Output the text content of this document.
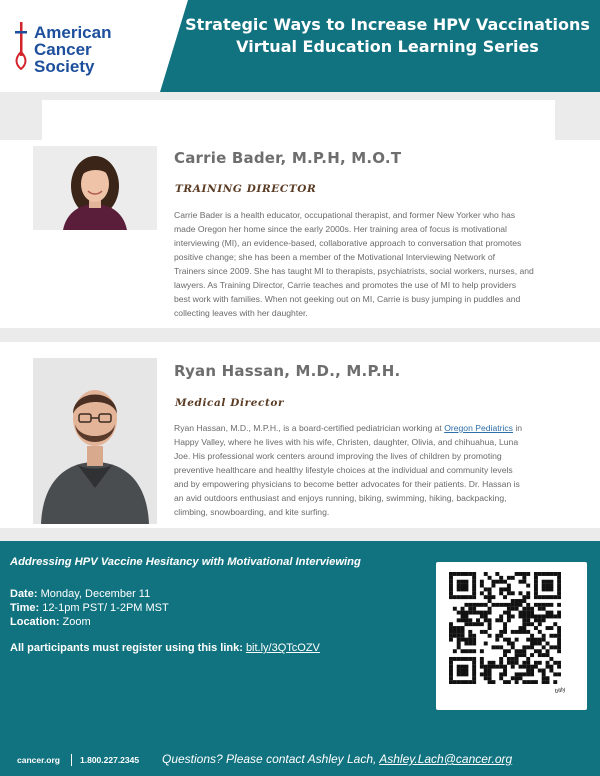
American
Cancer
Society
Strategic Ways to Increase HPV Vaccinations
Virtual Education Learning Series
Carrie Bader, M.P.H, M.O.T
TRAINING DIRECTOR
Carrie Bader is a health educator, occupational therapist, and former New Yorker who has
made Oregon her home since the early 2000s. Her training area of focus is motivational
interviewing (MI), an evidence-based, collaborative approach to conversation that promotes
positive change; she has been a member of the Motivational Interviewing Network of
Trainers since 2009. She has taught MI to therapists, psychiatrists, social workers, nurses, and
lawyers. As Training Director, Carrie teaches and promotes the use of MI to help providers
best work with families. When not geeking out on MI, Carrie is busy jumping in puddles and
collecting leaves with her daughter.
Ryan Hassan, M.D., M.P.H.
Medical Director
Ryan Hassan, M.D., M.P.H., is a board-certified pediatrician working at Oregon Pediatrics in
Happy Valley, where he lives with his wife, Christen, daughter, Olivia, and chihuahua, Luna
Joe. His professional work centers around improving the lives of children by promoting
preventive healthcare and healthy lifestyle choices at the individual and community levels
and by empowering physicians to become better advocates for their patients. Dr. Hassan is
an avid outdoors enthusiast and enjoys running, biking, swimming, hiking, backpacking,
climbing, snowboarding, and kite surfing.
Addressing HPV Vaccine Hesitancy with Motivational Interviewing
Date: Monday, December 11
Time: 12-1pm PST/ 1-2PM MST
Location: Zoom
All participants must register using this link: bit.ly/3QTcOZV
bitly
cancer.org 1.800.227.2345 Questions? Please contact Ashley Lach, Ashley.Lach@cancer.org
